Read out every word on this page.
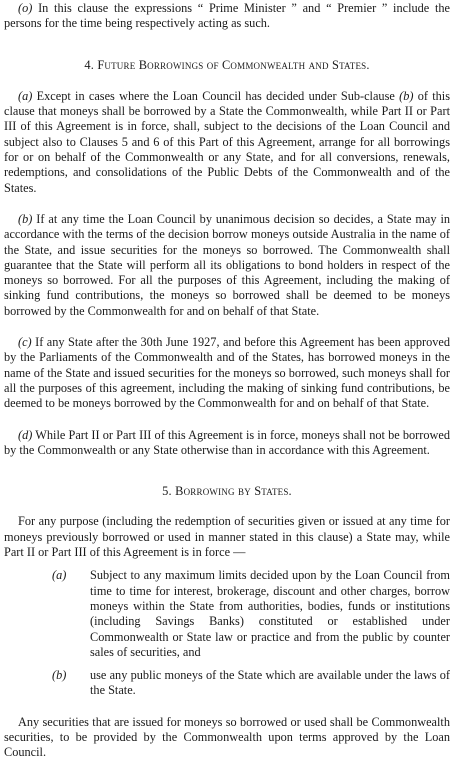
(o) In this clause the expressions “ Prime Minister ” and “ Premier ” include the persons for the time being respectively acting as such.

4. Future Borrowings of Commonwealth and States.

(a) Except in cases where the Loan Council has decided under Sub-clause (b) of this clause that moneys shall be borrowed by a State the Commonwealth, while Part II or Part III of this Agreement is in force, shall, subject to the decisions of the Loan Council and subject also to Clauses 5 and 6 of this Part of this Agreement, arrange for all borrowings for or on behalf of the Commonwealth or any State, and for all conversions, renewals, redemptions, and consolidations of the Public Debts of the Commonwealth and of the States.

(b) If at any time the Loan Council by unanimous decision so decides, a State may in accordance with the terms of the decision borrow moneys outside Australia in the name of the State, and issue securities for the moneys so borrowed. The Commonwealth shall guarantee that the State will perform all its obligations to bond holders in respect of the moneys so borrowed. For all the purposes of this Agreement, including the making of sinking fund contributions, the moneys so borrowed shall be deemed to be moneys borrowed by the Commonwealth for and on behalf of that State.

(c) If any State after the 30th June 1927, and before this Agreement has been approved by the Parliaments of the Commonwealth and of the States, has borrowed moneys in the name of the State and issued securities for the moneys so borrowed, such moneys shall for all the purposes of this agreement, including the making of sinking fund contributions, be deemed to be moneys borrowed by the Commonwealth for and on behalf of that State.

(d) While Part II or Part III of this Agreement is in force, moneys shall not be borrowed by the Commonwealth or any State otherwise than in accordance with this Agreement.

5. Borrowing by States.

For any purpose (including the redemption of securities given or issued at any time for moneys previously borrowed or used in manner stated in this clause) a State may, while Part II or Part III of this Agreement is in force —

(a) Subject to any maximum limits decided upon by the Loan Council from time to time for interest, brokerage, discount and other charges, borrow moneys within the State from authorities, bodies, funds or institutions (including Savings Banks) constituted or established under Commonwealth or State law or practice and from the public by counter sales of securities, and

(b) use any public moneys of the State which are available under the laws of the State.

Any securities that are issued for moneys so borrowed or used shall be Commonwealth securities, to be provided by the Commonwealth upon terms approved by the Loan Council.
